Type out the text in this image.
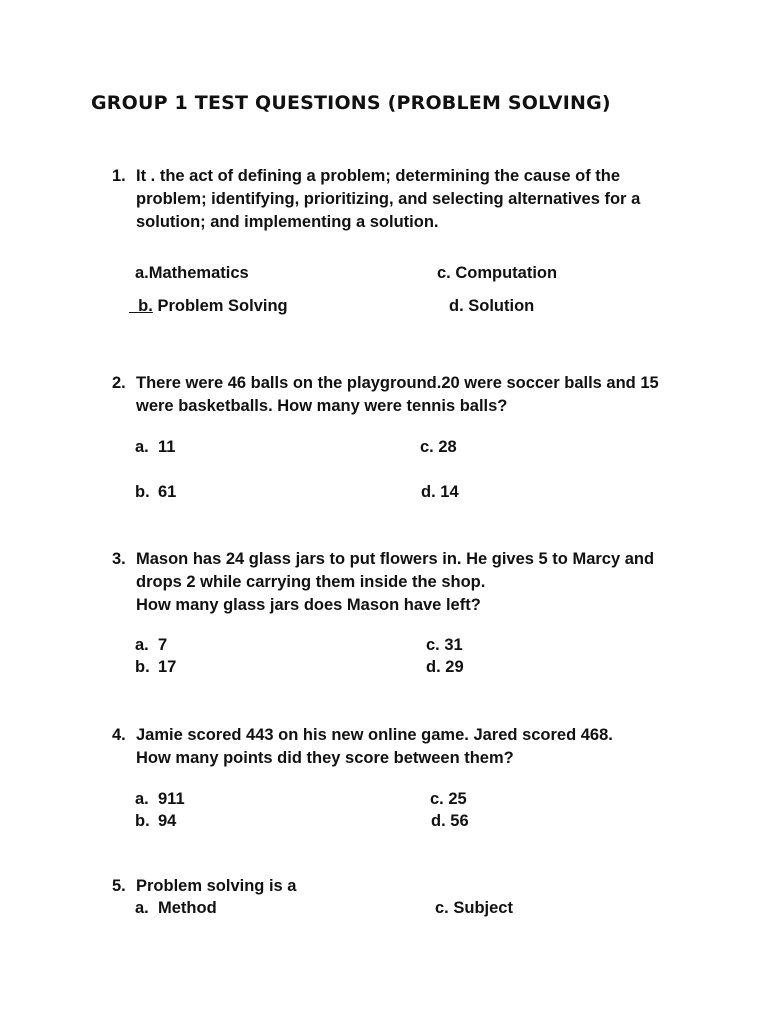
GROUP 1 TEST QUESTIONS (PROBLEM SOLVING)
1. It . the act of defining a problem; determining the cause of the problem; identifying, prioritizing, and selecting alternatives for a solution; and implementing a solution.
a.Mathematics	c. Computation
b. Problem Solving	d. Solution
2. There were 46 balls on the playground.20 were soccer balls and 15 were basketballs. How many were tennis balls?
a. 11	c. 28
b. 61	d. 14
3. Mason has 24 glass jars to put flowers in. He gives 5 to Marcy and drops 2 while carrying them inside the shop.
How many glass jars does Mason have left?
a. 7	c. 31
b. 17	d. 29
4. Jamie scored 443 on his new online game. Jared scored 468.
How many points did they score between them?
a. 911	c. 25
b. 94	d. 56
5. Problem solving is a
a. Method	c. Subject
